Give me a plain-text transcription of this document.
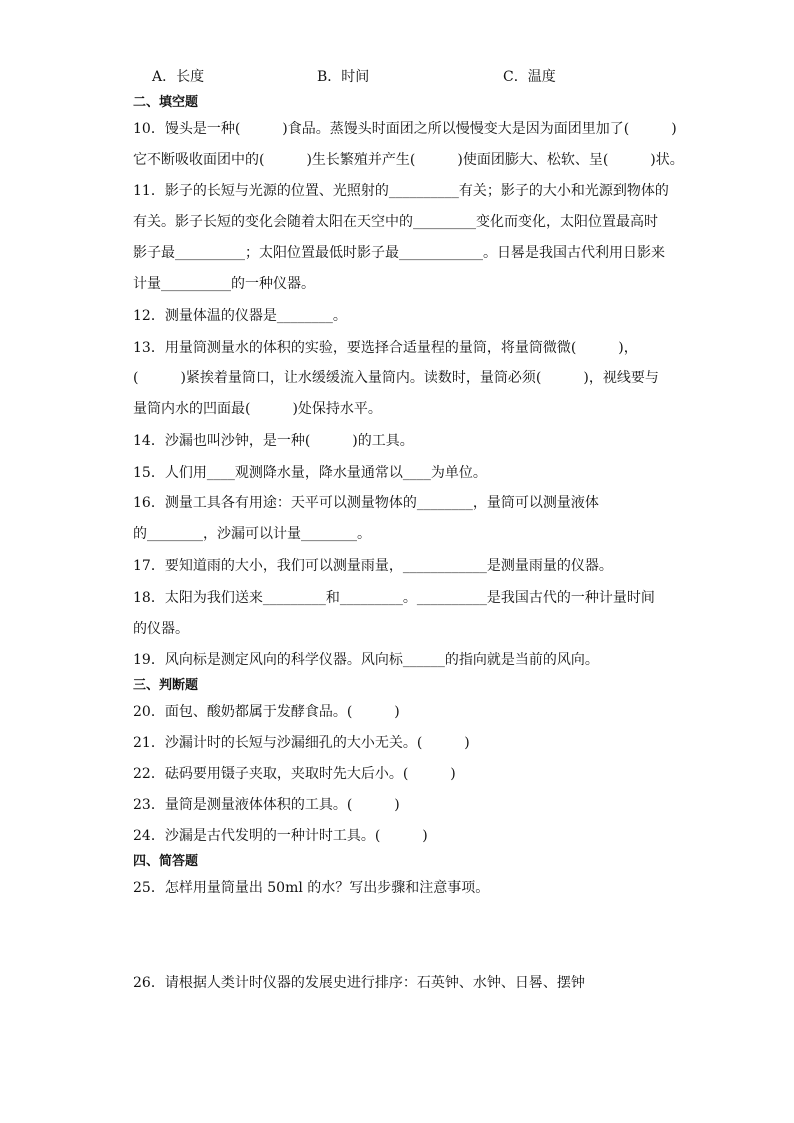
A．长度	B．时间	C．温度
二、填空题
10．馒头是一种(　　　)食品。蒸馒头时面团之所以慢慢变大是因为面团里加了(　　　)
它不断吸收面团中的(　　　)生长繁殖并产生(　　　)使面团膨大、松软、呈(　　　)状。
11．影子的长短与光源的位置、光照射的__________有关；影子的大小和光源到物体的
有关。影子长短的变化会随着太阳在天空中的_________变化而变化，太阳位置最高时
影子最__________；太阳位置最低时影子最____________。日晷是我国古代利用日影来
计量__________的一种仪器。
12．测量体温的仪器是________。
13．用量筒测量水的体积的实验，要选择合适量程的量筒，将量筒微微(　　　)，
(　　　)紧挨着量筒口，让水缓缓流入量筒内。读数时，量筒必须(　　　)，视线要与
量筒内水的凹面最(　　　)处保持水平。
14．沙漏也叫沙钟，是一种(　　　)的工具。
15．人们用____观测降水量，降水量通常以____为单位。
16．测量工具各有用途：天平可以测量物体的________，量筒可以测量液体
的________，沙漏可以计量________。
17．要知道雨的大小，我们可以测量雨量，____________是测量雨量的仪器。
18．太阳为我们送来_________和_________。__________是我国古代的一种计量时间
的仪器。
19．风向标是测定风向的科学仪器。风向标______的指向就是当前的风向。
三、判断题
20．面包、酸奶都属于发酵食品。(　　　)
21．沙漏计时的长短与沙漏细孔的大小无关。(　　　)
22．砝码要用镊子夹取，夹取时先大后小。(　　　)
23．量筒是测量液体体积的工具。(　　　)
24．沙漏是古代发明的一种计时工具。(　　　)
四、简答题
25．怎样用量筒量出 50ml 的水？写出步骤和注意事项。
26．请根据人类计时仪器的发展史进行排序：石英钟、水钟、日晷、摆钟
